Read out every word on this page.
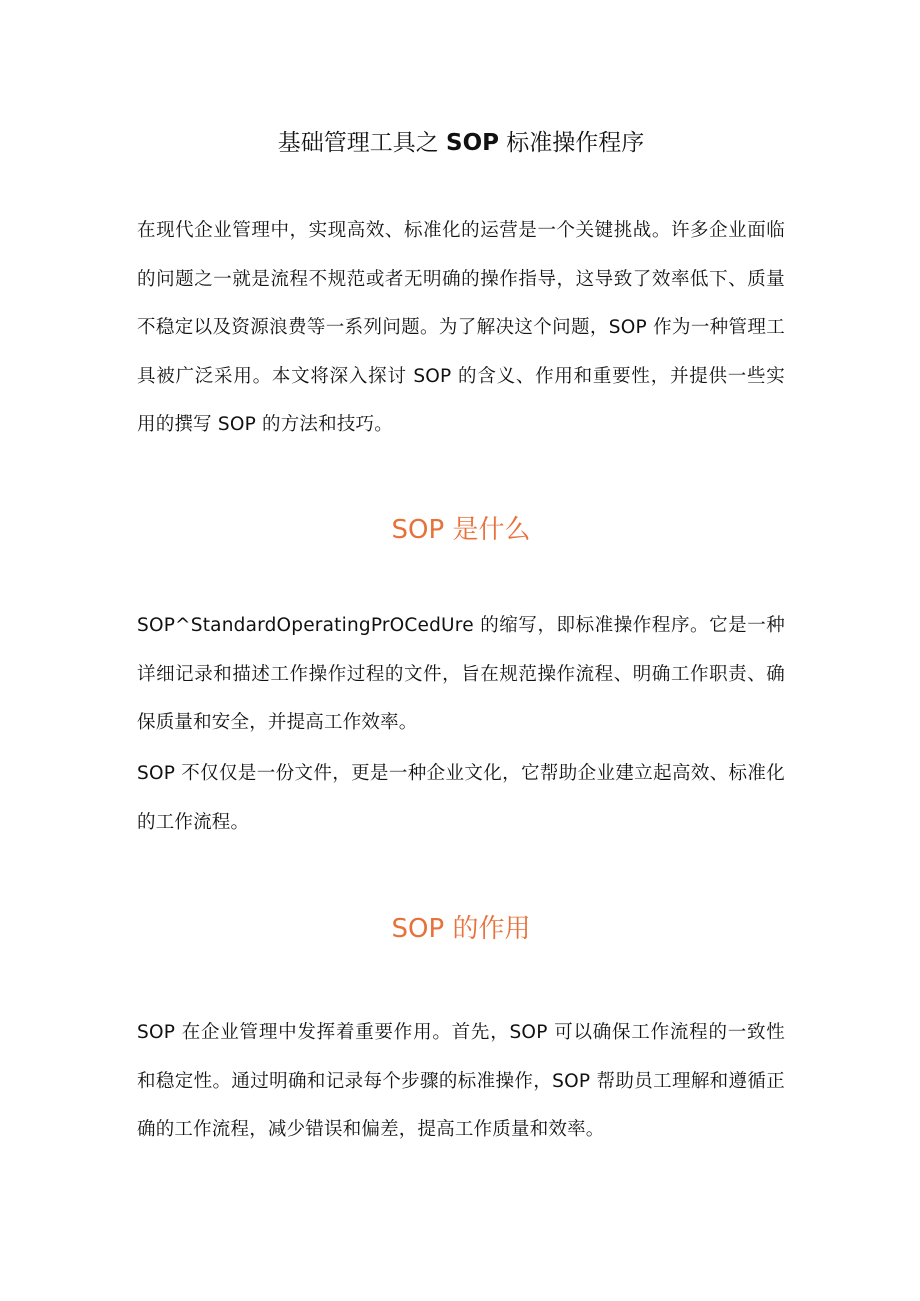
基础管理工具之 SOP 标准操作程序

在现代企业管理中，实现高效、标准化的运营是一个关键挑战。许多企业面临的问题之一就是流程不规范或者无明确的操作指导，这导致了效率低下、质量不稳定以及资源浪费等一系列问题。为了解决这个问题，SOP 作为一种管理工具被广泛采用。本文将深入探讨 SOP 的含义、作用和重要性，并提供一些实用的撰写 SOP 的方法和技巧。

SOP 是什么

SOP^StandardOperatingPrOCedUre 的缩写，即标准操作程序。它是一种详细记录和描述工作操作过程的文件，旨在规范操作流程、明确工作职责、确保质量和安全，并提高工作效率。

SOP 不仅仅是一份文件，更是一种企业文化，它帮助企业建立起高效、标准化的工作流程。

SOP 的作用

SOP 在企业管理中发挥着重要作用。首先，SOP 可以确保工作流程的一致性和稳定性。通过明确和记录每个步骤的标准操作，SOP 帮助员工理解和遵循正确的工作流程，减少错误和偏差，提高工作质量和效率。
